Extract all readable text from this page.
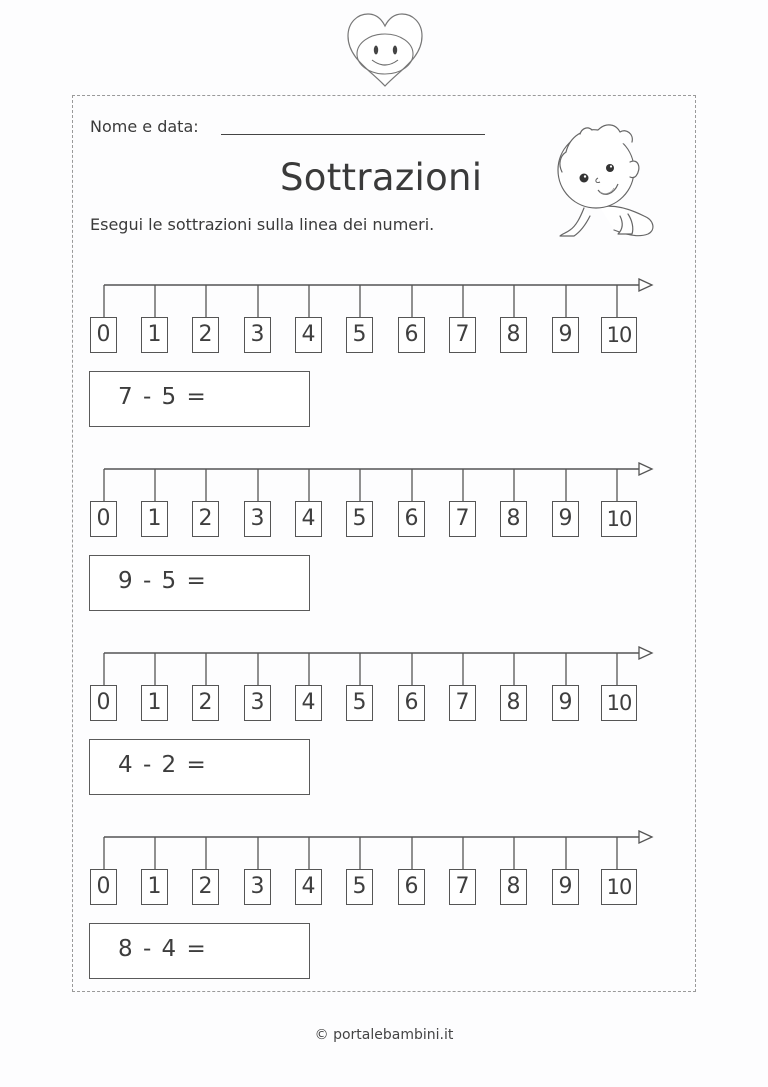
Nome e data:
Sottrazioni
Esegui le sottrazioni sulla linea dei numeri.
0 1 2 3 4 5 6 7 8 9	10
7 - 5 =
0 1 2 3 4 5 6 7 8 9	10
9 - 5 =
0 1 2 3 4 5 6 7 8 9	10
4 - 2 =
0 1 2 3 4 5 6 7 8 9	10
8 - 4 =
© portalebambini.it
